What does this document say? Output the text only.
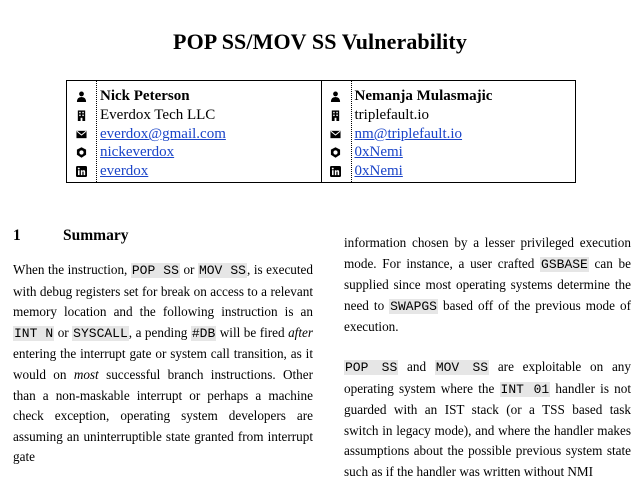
POP SS/MOV SS Vulnerability
Nick Peterson
Everdox Tech LLC
everdox@gmail.com
nickeverdox
everdox
Nemanja Mulasmajic
triplefault.io
nm@triplefault.io
0xNemi
0xNemi
1	Summary

When the instruction, POP SS or MOV SS, is executed with debug registers set for break on access to a relevant memory location and the following instruction is an INT N or SYSCALL, a pending #DB will be fired after entering the interrupt gate or system call transition, as it would on most successful branch instructions. Other than a non-maskable interrupt or perhaps a machine check exception, operating system developers are assuming an uninterruptible state granted from interrupt gate

information chosen by a lesser privileged execution mode. For instance, a user crafted GSBASE can be supplied since most operating systems determine the need to SWAPGS based off of the previous mode of execution.

POP SS and MOV SS are exploitable on any operating system where the INT 01 handler is not guarded with an IST stack (or a TSS based task switch in legacy mode), and where the handler makes assumptions about the possible previous system state such as if the handler was written without NMI
